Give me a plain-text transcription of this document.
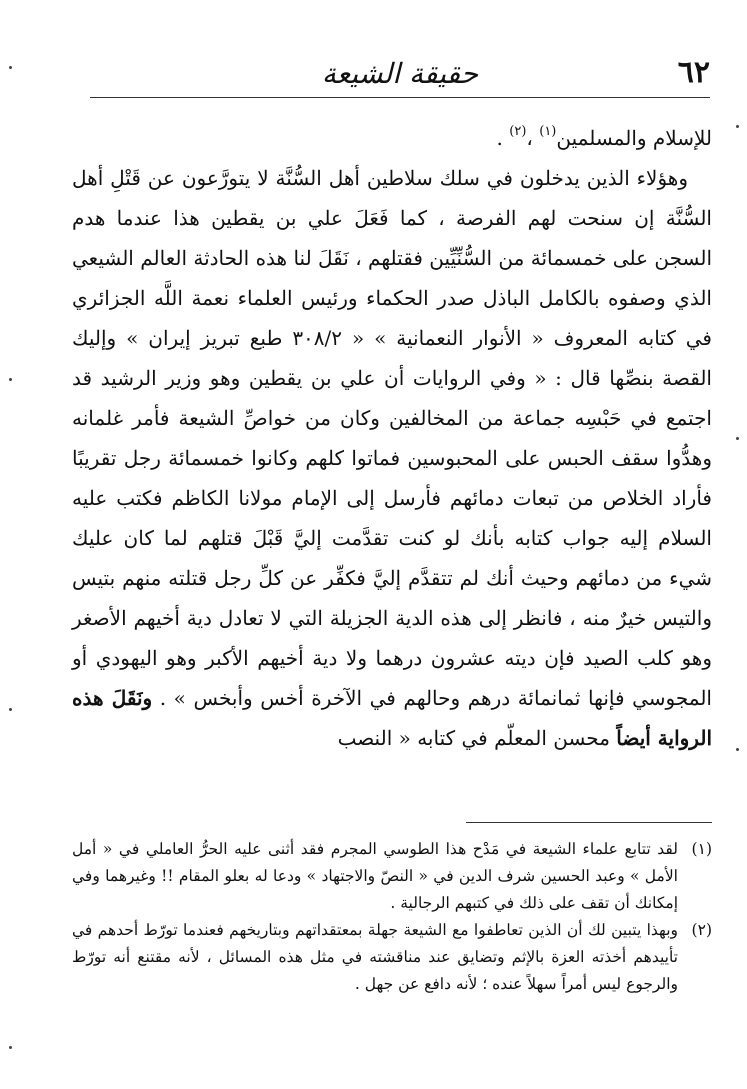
٦٢
حقيقة الشيعة

للإسلام والمسلمين$^{(١)}$ ،$^{(٢)}$ .

وهؤلاء الذين يدخلون في سلك سلاطين أهل السُّنَّة لا يتورَّعون عن قَتْلِ أهل السُّنَّة إن سنحت لهم الفرصة ، كما فَعَلَ علي بن يقطين هذا عندما هدم السجن على خمسمائة من السُّنِّيِّين فقتلهم ، نَقَلَ لنا هذه الحادثة العالم الشيعي الذي وصفوه بالكامل الباذل صدر الحكماء ورئيس العلماء نعمة اللَّه الجزائري في كتابه المعروف « الأنوار النعمانية » « ٣٠٨/٢ طبع تبريز إيران » وإليك القصة بنصِّها قال : « وفي الروايات أن علي بن يقطين وهو وزير الرشيد قد اجتمع في حَبْسِه جماعة من المخالفين وكان من خواصِّ الشيعة فأمر غلمانه وهدُّوا سقف الحبس على المحبوسين فماتوا كلهم وكانوا خمسمائة رجل تقريبًا فأراد الخلاص من تبعات دمائهم فأرسل إلى الإمام مولانا الكاظم فكتب عليه السلام إليه جواب كتابه بأنك لو كنت تقدَّمت إليَّ قَبْلَ قتلهم لما كان عليك شيء من دمائهم وحيث أنك لم تتقدَّم إليَّ فكفِّر عن كلِّ رجل قتلته منهم بتيس والتيس خيرٌ منه ، فانظر إلى هذه الدية الجزيلة التي لا تعادل دية أخيهم الأصغر وهو كلب الصيد فإن ديته عشرون درهما ولا دية أخيهم الأكبر وهو اليهودي أو المجوسي فإنها ثمانمائة درهم وحالهم في الآخرة أخس وأبخس » . ونَقَلَ هذه الرواية أيضاً محسن المعلّم في كتابه « النصب

(١)
لقد تتابع علماء الشيعة في مَدْح هذا الطوسي المجرم فقد أثنى عليه الحرُّ العاملي في « أمل الأمل » وعبد الحسين شرف الدين في « النصّ والاجتهاد » ودعا له بعلو المقام !! وغيرهما وفي إمكانك أن تقف على ذلك في كتبهم الرجالية .
(٢)
وبهذا يتبين لك أن الذين تعاطفوا مع الشيعة جهلة بمعتقداتهم وبتاريخهم فعندما تورّط أحدهم في تأييدهم أخذته العزة بالإثم وتضايق عند مناقشته في مثل هذه المسائل ، لأنه مقتنع أنه تورّط والرجوع ليس أمراً سهلاً عنده ؛ لأنه دافع عن جهل .
